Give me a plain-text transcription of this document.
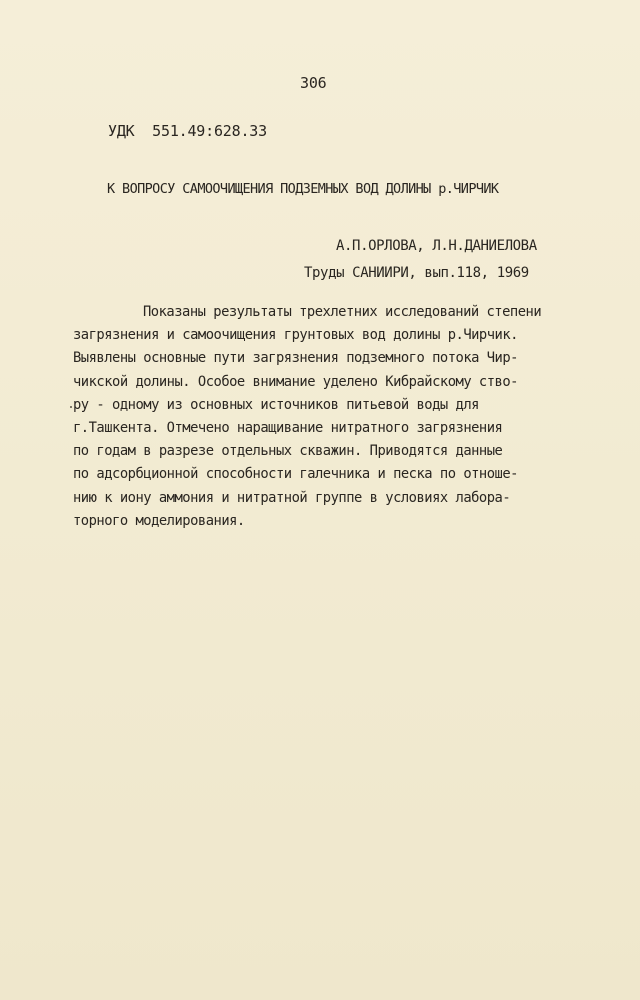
306
УДК  551.49:628.33
К ВОПРОСУ САМООЧИЩЕНИЯ ПОДЗЕМНЫХ ВОД ДОЛИНЫ р.ЧИРЧИК
А.П.ОРЛОВА, Л.Н.ДАНИЕЛОВА
Труды САНИИРИ, вып.118, 1969
Показаны результаты трехлетних исследований степени
загрязнения и самоочищения грунтовых вод долины р.Чирчик.
Выявлены основные пути загрязнения подземного потока Чир-
чикской долины. Особое внимание уделено Кибрайскому ство-
ру - одному из основных источников питьевой воды для
г.Ташкента. Отмечено наращивание нитратного загрязнения
по годам в разрезе отдельных скважин. Приводятся данные
по адсорбционной способности галечника и песка по отноше-
нию к иону аммония и нитратной группе в условиях лабора-
торного моделирования.
